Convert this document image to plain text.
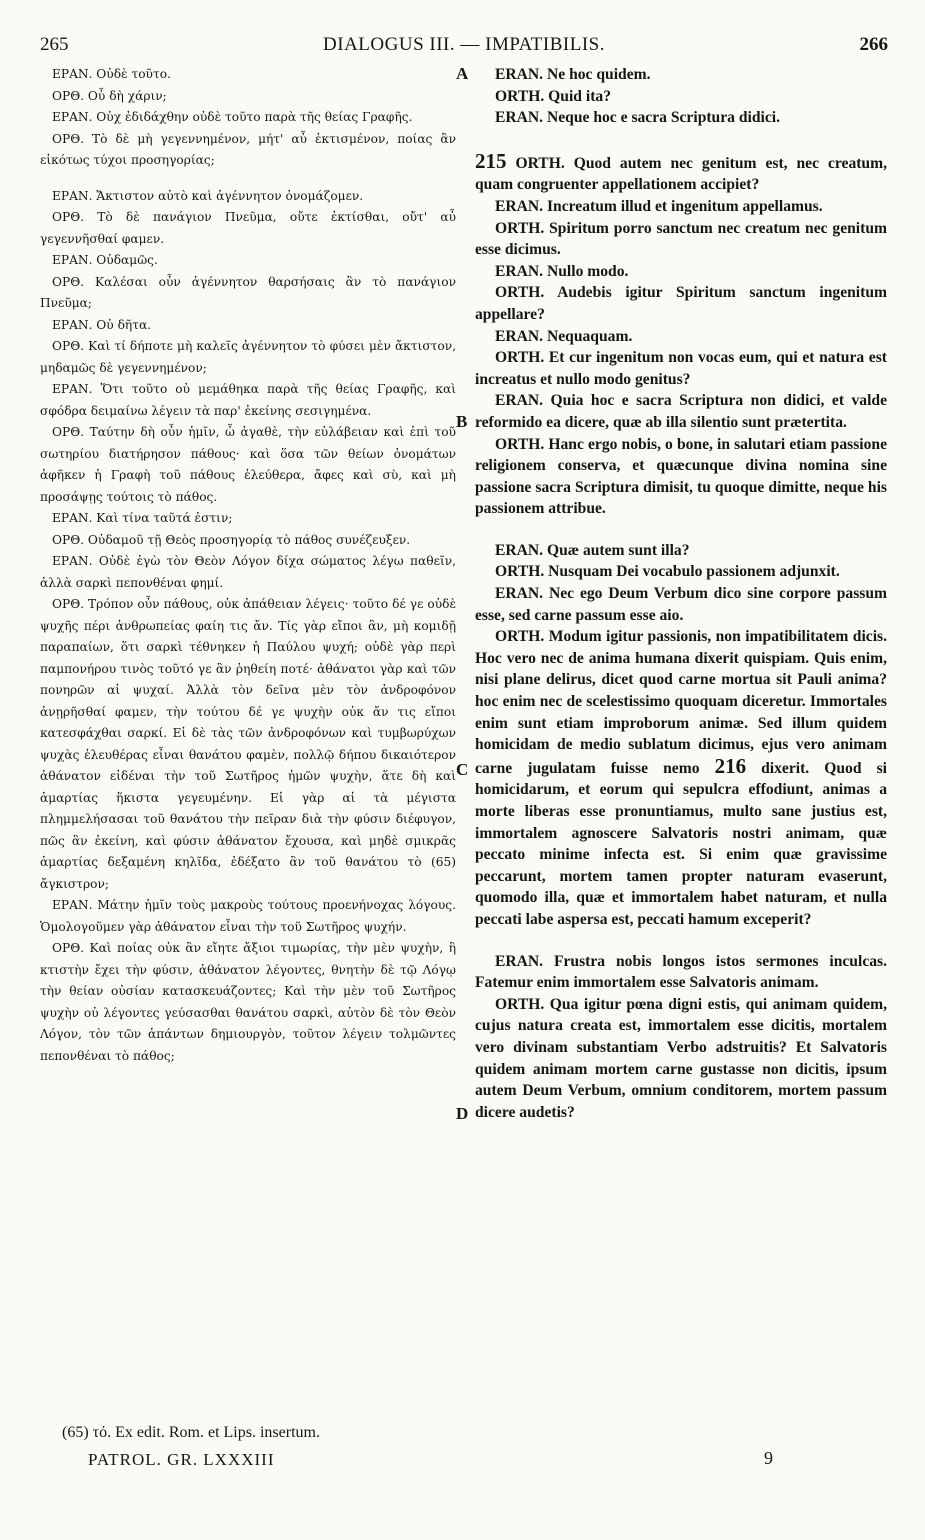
265	DIALOGUS III. — IMPATIBILIS.	266
A
B
C
D

ΕΡΑΝ. Οὐδὲ τοῦτο.

ΟΡΘ. Οὗ δὴ χάριν;

ΕΡΑΝ. Οὐχ ἐδιδάχθην οὐδὲ τοῦτο παρὰ τῆς θείας Γραφῆς.

ΟΡΘ. Τὸ δὲ μὴ γεγεννημένον, μήτ' αὖ ἐκτισμένον, ποίας ἂν εἰκότως τύχοι προσηγορίας;

ΕΡΑΝ. Ἄκτιστον αὐτὸ καὶ ἀγέννητον ὀνομάζομεν.

ΟΡΘ. Τὸ δὲ πανάγιον Πνεῦμα, οὔτε ἐκτίσθαι, οὔτ' αὖ γεγεννῆσθαί φαμεν.

ΕΡΑΝ. Οὐδαμῶς.

ΟΡΘ. Καλέσαι οὖν ἀγέννητον θαρσήσαις ἂν τὸ πανάγιον Πνεῦμα;

ΕΡΑΝ. Οὐ δῆτα.

ΟΡΘ. Καὶ τί δήποτε μὴ καλεῖς ἀγέννητον τὸ φύσει μὲν ἄκτιστον, μηδαμῶς δὲ γεγεννημένον;

ΕΡΑΝ. Ὅτι τοῦτο οὐ μεμάθηκα παρὰ τῆς θείας Γραφῆς, καὶ σφόδρα δειμαίνω λέγειν τὰ παρ' ἐκείνης σεσιγημένα.

ΟΡΘ. Ταύτην δὴ οὖν ἡμῖν, ὦ ἀγαθὲ, τὴν εὐλάβειαν καὶ ἐπὶ τοῦ σωτηρίου διατήρησον πάθους· καὶ ὅσα τῶν θείων ὀνομάτων ἀφῆκεν ἡ Γραφὴ τοῦ πάθους ἐλεύθερα, ἄφες καὶ σὺ, καὶ μὴ προσάψῃς τούτοις τὸ πάθος.

ΕΡΑΝ. Καὶ τίνα ταῦτά ἐστιν;

ΟΡΘ. Οὐδαμοῦ τῇ Θεὸς προσηγορίᾳ τὸ πάθος συνέζευξεν.

ΕΡΑΝ. Οὐδὲ ἐγὼ τὸν Θεὸν Λόγον δίχα σώματος λέγω παθεῖν, ἀλλὰ σαρκὶ πεπονθέναι φημί.

ΟΡΘ. Τρόπον οὖν πάθους, οὐκ ἀπάθειαν λέγεις· τοῦτο δέ γε οὐδὲ ψυχῆς πέρι ἀνθρωπείας φαίη τις ἄν. Τίς γὰρ εἴποι ἂν, μὴ κομιδῇ παραπαίων, ὅτι σαρκὶ τέθνηκεν ἡ Παύλου ψυχή; οὐδὲ γὰρ περὶ παμπονήρου τινὸς τοῦτό γε ἂν ῥηθείη ποτέ· ἀθάνατοι γὰρ καὶ τῶν πονηρῶν αἱ ψυχαί. Ἀλλὰ τὸν δεῖνα μὲν τὸν ἀνδροφόνον ἀνῃρῆσθαί φαμεν, τὴν τούτου δέ γε ψυχὴν οὐκ ἄν τις εἴποι κατεσφάχθαι σαρκί. Εἰ δὲ τὰς τῶν ἀνδροφόνων καὶ τυμβωρύχων ψυχὰς ἐλευθέρας εἶναι θανάτου φαμὲν, πολλῷ δήπου δικαιότερον ἀθάνατον εἰδέναι τὴν τοῦ Σωτῆρος ἡμῶν ψυχὴν, ἅτε δὴ καὶ ἁμαρτίας ἥκιστα γεγευμένην. Εἰ γὰρ αἱ τὰ μέγιστα πλημμελήσασαι τοῦ θανάτου τὴν πεῖραν διὰ τὴν φύσιν διέφυγον, πῶς ἂν ἐκείνη, καὶ φύσιν ἀθάνατον ἔχουσα, καὶ μηδὲ σμικρᾶς ἁμαρτίας δεξαμένη κηλῖδα, ἐδέξατο ἂν τοῦ θανάτου τὸ (65) ἄγκιστρον;

ΕΡΑΝ. Μάτην ἡμῖν τοὺς μακροὺς τούτους προενήνοχας λόγους. Ὁμολογοῦμεν γὰρ ἀθάνατον εἶναι τὴν τοῦ Σωτῆρος ψυχήν.

ΟΡΘ. Καὶ ποίας οὐκ ἂν εἴητε ἄξιοι τιμωρίας, τὴν μὲν ψυχὴν, ἣ κτιστὴν ἔχει τὴν φύσιν, ἀθάνατον λέγοντες, θνητὴν δὲ τῷ Λόγῳ τὴν θείαν οὐσίαν κατασκευάζοντες; Καὶ τὴν μὲν τοῦ Σωτῆρος ψυχὴν οὐ λέγοντες γεύσασθαι θανάτου σαρκὶ, αὐτὸν δὲ τὸν Θεὸν Λόγον, τὸν τῶν ἁπάντων δημιουργὸν, τοῦτον λέγειν τολμῶντες πεπονθέναι τὸ πάθος;

ERAN. Ne hoc quidem.

ORTH. Quid ita?

ERAN. Neque hoc e sacra Scriptura didici.

215 ORTH. Quod autem nec genitum est, nec creatum, quam congruenter appellationem accipiet?

ERAN. Increatum illud et ingenitum appellamus.

ORTH. Spiritum porro sanctum nec creatum nec genitum esse dicimus.

ERAN. Nullo modo.

ORTH. Audebis igitur Spiritum sanctum ingenitum appellare?

ERAN. Nequaquam.

ORTH. Et cur ingenitum non vocas eum, qui et natura est increatus et nullo modo genitus?

ERAN. Quia hoc e sacra Scriptura non didici, et valde reformido ea dicere, quæ ab illa silentio sunt prætertita.

ORTH. Hanc ergo nobis, o bone, in salutari etiam passione religionem conserva, et quæcunque divina nomina sine passione sacra Scriptura dimisit, tu quoque dimitte, neque his passionem attribue.

ERAN. Quæ autem sunt illa?

ORTH. Nusquam Dei vocabulo passionem adjunxit.

ERAN. Nec ego Deum Verbum dico sine corpore passum esse, sed carne passum esse aio.

ORTH. Modum igitur passionis, non impatibilitatem dicis. Hoc vero nec de anima humana dixerit quispiam. Quis enim, nisi plane delirus, dicet quod carne mortua sit Pauli anima? hoc enim nec de scelestissimo quoquam diceretur. Immortales enim sunt etiam improborum animæ. Sed illum quidem homicidam de medio sublatum dicimus, ejus vero animam carne jugulatam fuisse nemo 216 dixerit. Quod si homicidarum, et eorum qui sepulcra effodiunt, animas a morte liberas esse pronuntiamus, multo sane justius est, immortalem agnoscere Salvatoris nostri animam, quæ peccato minime infecta est. Si enim quæ gravissime peccarunt, mortem tamen propter naturam evaserunt, quomodo illa, quæ et immortalem habet naturam, et nulla peccati labe aspersa est, peccati hamum exceperit?

ERAN. Frustra nobis longos istos sermones inculcas. Fatemur enim immortalem esse Salvatoris animam.

ORTH. Qua igitur pœna digni estis, qui animam quidem, cujus natura creata est, immortalem esse dicitis, mortalem vero divinam substantiam Verbo adstruitis? Et Salvatoris quidem animam mortem carne gustasse non dicitis, ipsum autem Deum Verbum, omnium conditorem, mortem passum dicere audetis?

(65) τό. Ex edit. Rom. et Lips. insertum.
PATROL. GR. LXXXIII	9
